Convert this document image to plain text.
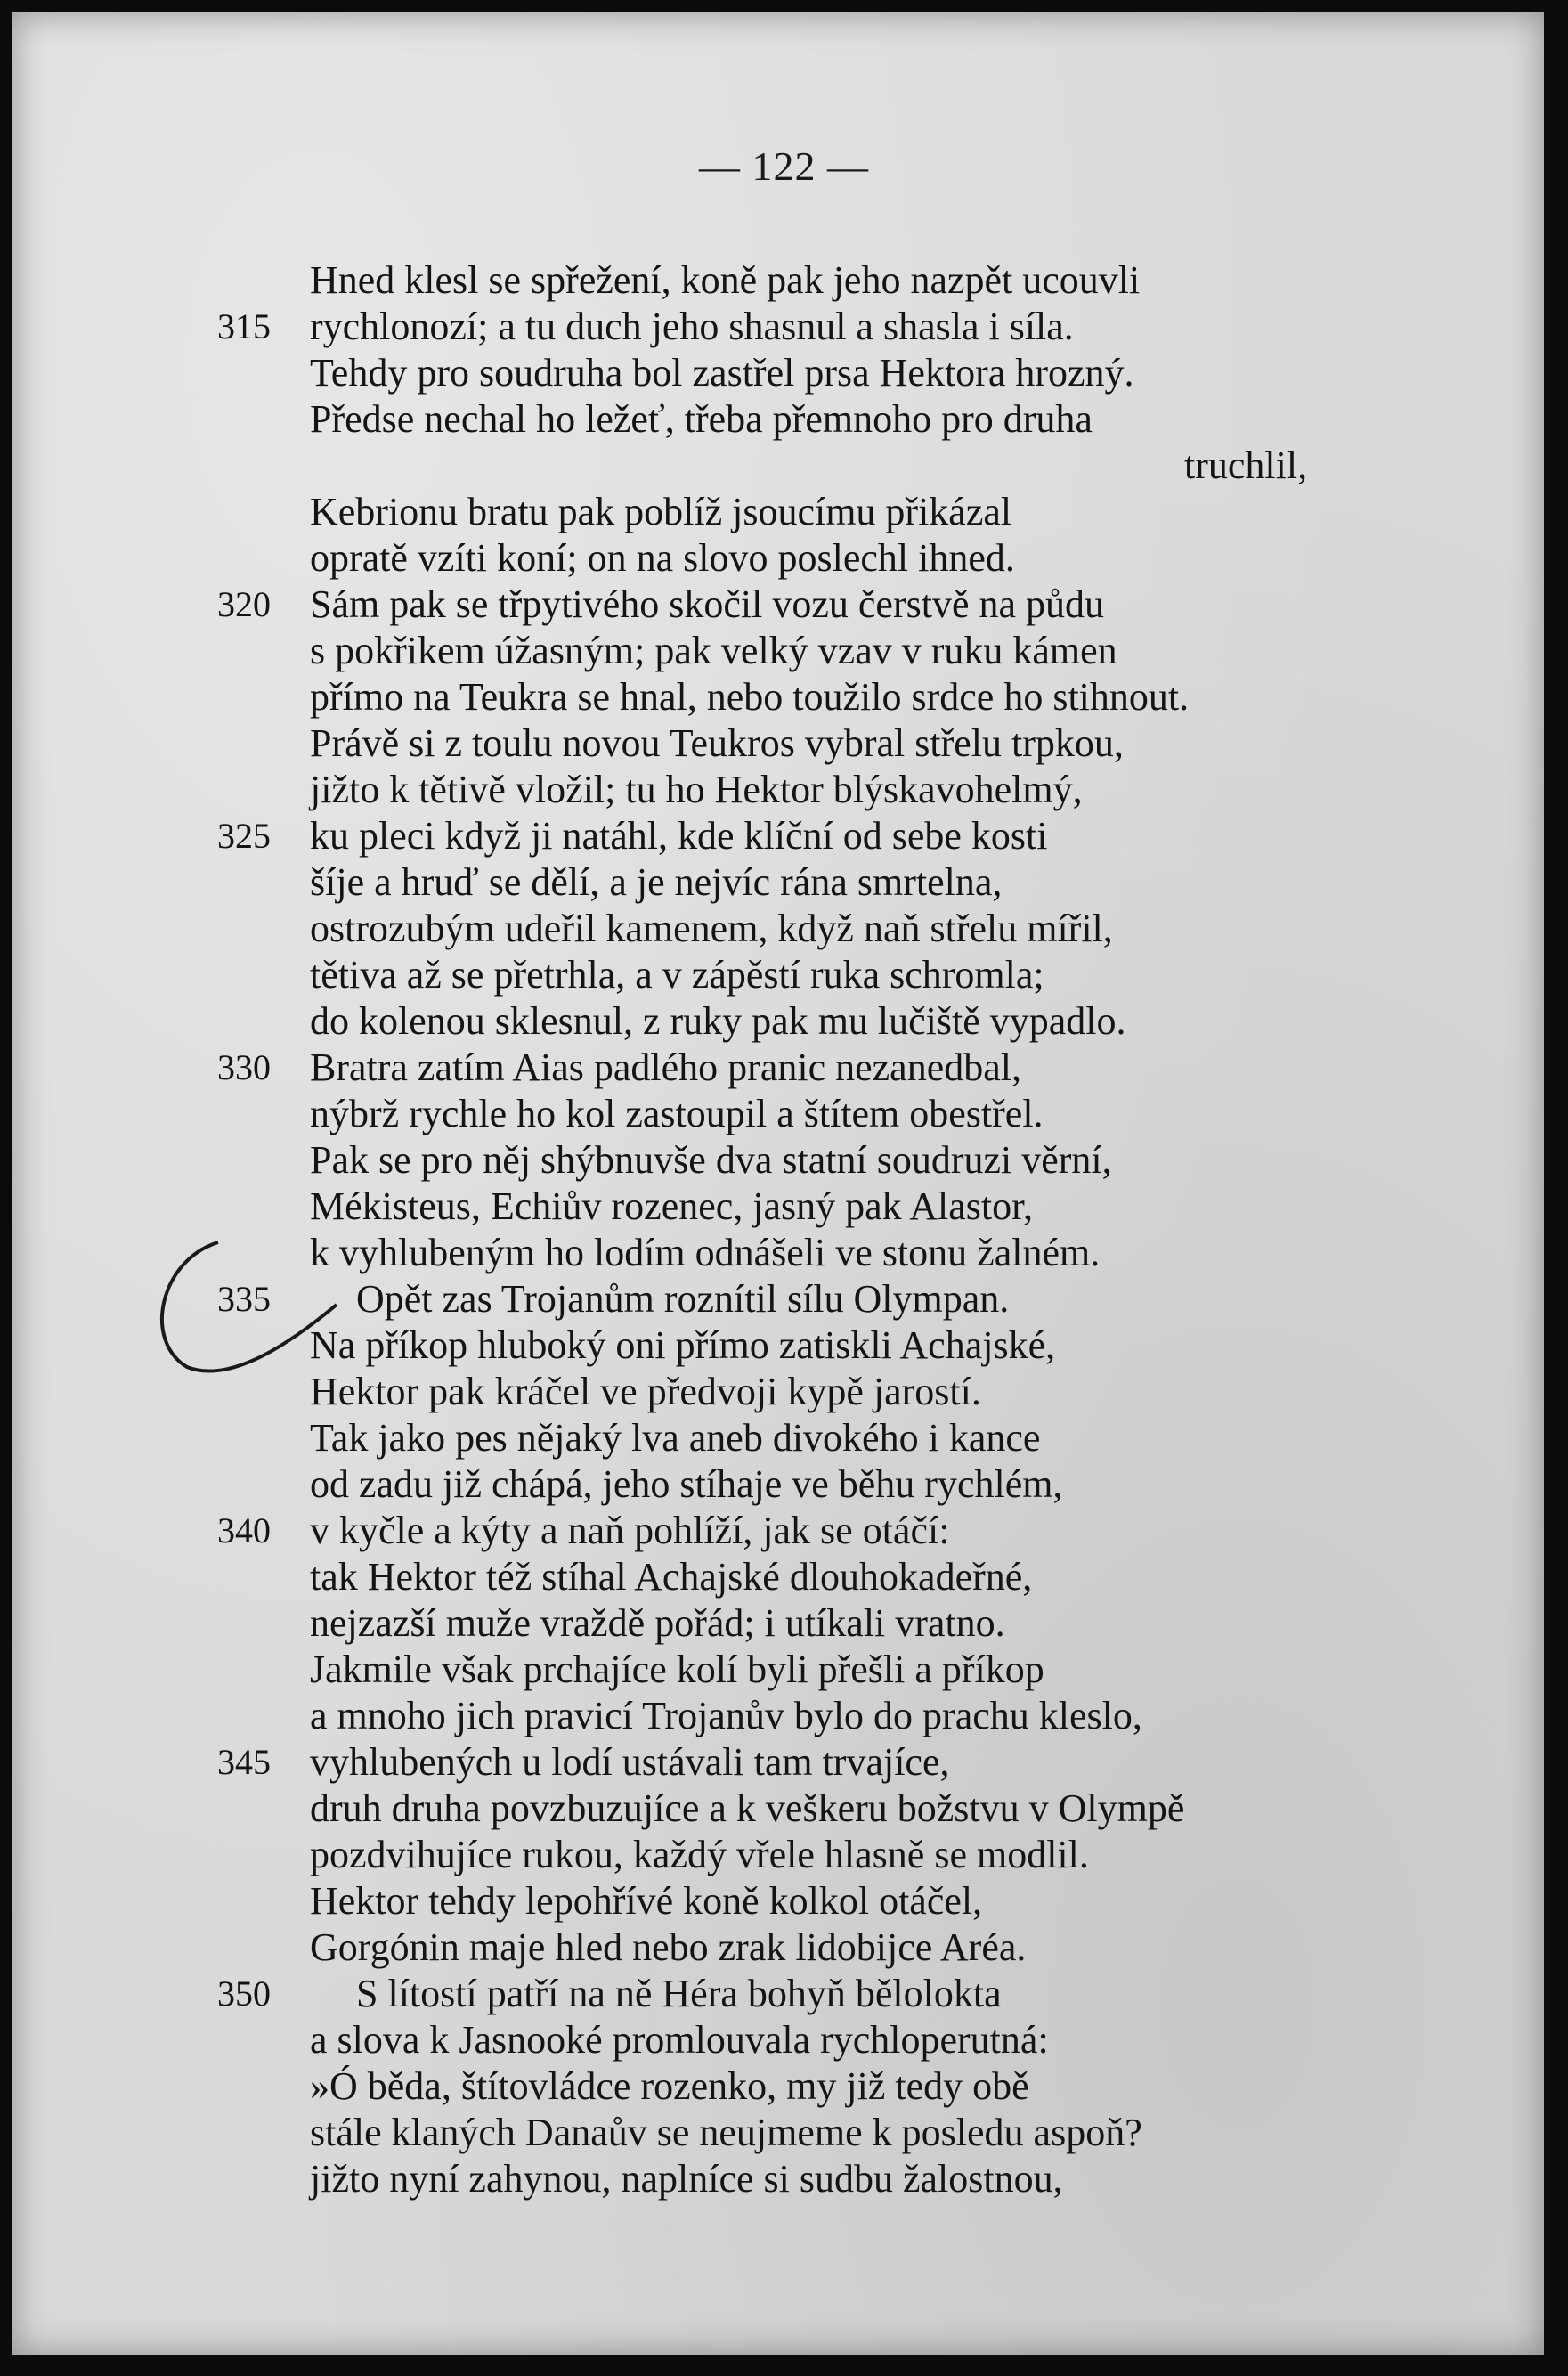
— 122 —
Hned klesl se spřežení, koně pak jeho nazpět ucouvli
315	rychlonozí; a tu duch jeho shasnul a shasla i síla.
Tehdy pro soudruha bol zastřel prsa Hektora hrozný.
Předse nechal ho ležeť, třeba přemnoho pro druha
truchlil,
Kebrionu bratu pak poblíž jsoucímu přikázal
opratě vzíti koní; on na slovo poslechl ihned.
320	Sám pak se třpytivého skočil vozu čerstvě na půdu
s pokřikem úžasným; pak velký vzav v ruku kámen
přímo na Teukra se hnal, nebo toužilo srdce ho stihnout.
Právě si z toulu novou Teukros vybral střelu trpkou,
jižto k tětivě vložil; tu ho Hektor blýskavohelmý,
325	ku pleci když ji natáhl, kde klíční od sebe kosti
šíje a hruď se dělí, a je nejvíc rána smrtelna,
ostrozubým udeřil kamenem, když naň střelu mířil,
tětiva až se přetrhla, a v zápěstí ruka schromla;
do kolenou sklesnul, z ruky pak mu lučiště vypadlo.
330	Bratra zatím Aias padlého pranic nezanedbal,
nýbrž rychle ho kol zastoupil a štítem obestřel.
Pak se pro něj shýbnuvše dva statní soudruzi věrní,
Mékisteus, Echiův rozenec, jasný pak Alastor,
k vyhlubeným ho lodím odnášeli ve stonu žalném.
335	Opět zas Trojanům roznítil sílu Olympan.
Na příkop hluboký oni přímo zatiskli Achajské,
Hektor pak kráčel ve předvoji kypě jarostí.
Tak jako pes nějaký lva aneb divokého i kance
od zadu již chápá, jeho stíhaje ve běhu rychlém,
340	v kyčle a kýty a naň pohlíží, jak se otáčí:
tak Hektor též stíhal Achajské dlouhokadeřné,
nejzazší muže vraždě pořád; i utíkali vratno.
Jakmile však prchajíce kolí byli přešli a příkop
a mnoho jich pravicí Trojanův bylo do prachu kleslo,
345	vyhlubených u lodí ustávali tam trvajíce,
druh druha povzbuzujíce a k veškeru božstvu v Olympě
pozdvihujíce rukou, každý vřele hlasně se modlil.
Hektor tehdy lepohřívé koně kolkol otáčel,
Gorgónin maje hled nebo zrak lidobijce Aréa.
350	S lítostí patří na ně Héra bohyň bělolokta
a slova k Jasnooké promlouvala rychloperutná:
»Ó běda, štítovládce rozenko, my již tedy obě
stále klaných Danaův se neujmeme k posledu aspoň?
jižto nyní zahynou, naplníce si sudbu žalostnou,
